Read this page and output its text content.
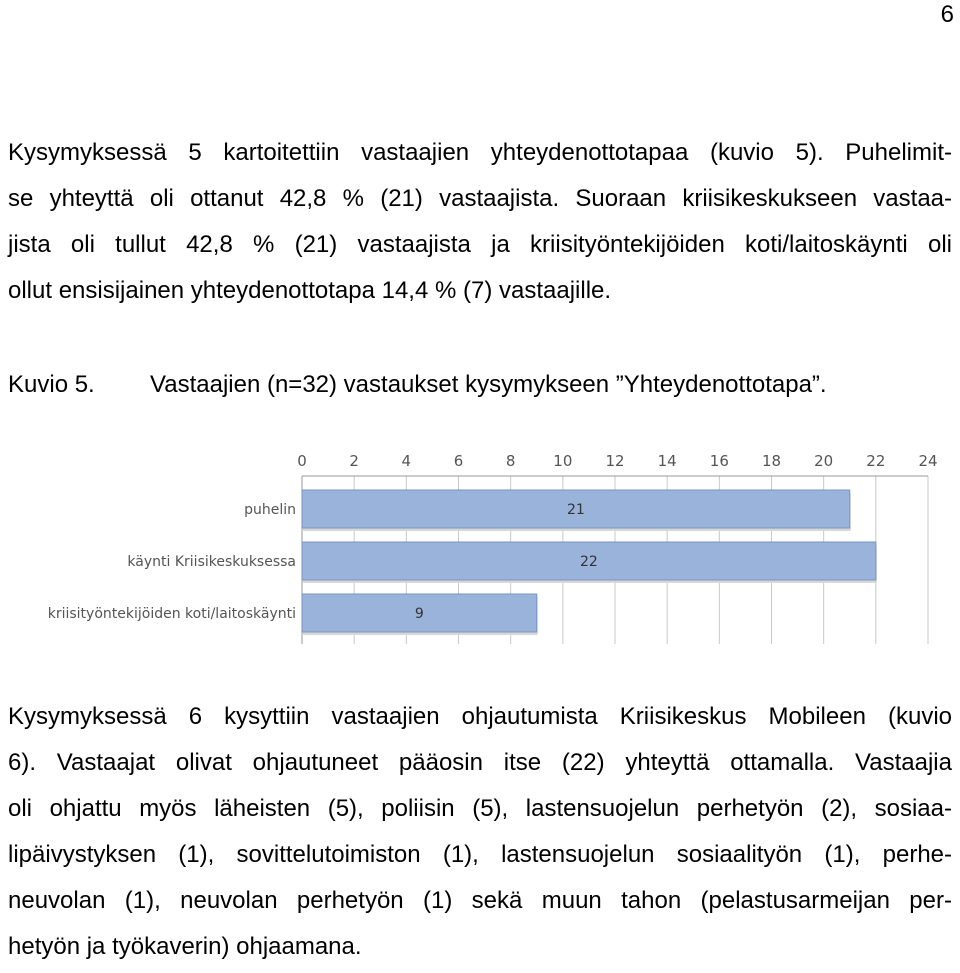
6

Kysymyksessä 5 kartoitettiin vastaajien yhteydenottotapaa (kuvio 5). Puhelimit-
se yhteyttä oli ottanut 42,8 % (21) vastaajista. Suoraan kriisikeskukseen vastaa-
jista oli tullut 42,8 % (21) vastaajista ja kriisityöntekijöiden koti/laitoskäynti oli
ollut ensisijainen yhteydenottotapa 14,4 % (7) vastaajille.

Kuvio 5. Vastaajien (n=32) vastaukset kysymykseen ”Yhteydenottotapa”.
0	2	4	6	8	10 12 14 16 18 20 22 24
puhelin	21
käynti Kriisikeskuksessa	22
kriisityöntekijöiden koti/laitoskäynti	9

Kysymyksessä 6 kysyttiin vastaajien ohjautumista Kriisikeskus Mobileen (kuvio
6). Vastaajat olivat ohjautuneet pääosin itse (22) yhteyttä ottamalla. Vastaajia
oli ohjattu myös läheisten (5), poliisin (5), lastensuojelun perhetyön (2), sosiaa-
lipäivystyksen (1), sovittelutoimiston (1), lastensuojelun sosiaalityön (1), perhe-
neuvolan (1), neuvolan perhetyön (1) sekä muun tahon (pelastusarmeijan per-
hetyön ja työkaverin) ohjaamana.
